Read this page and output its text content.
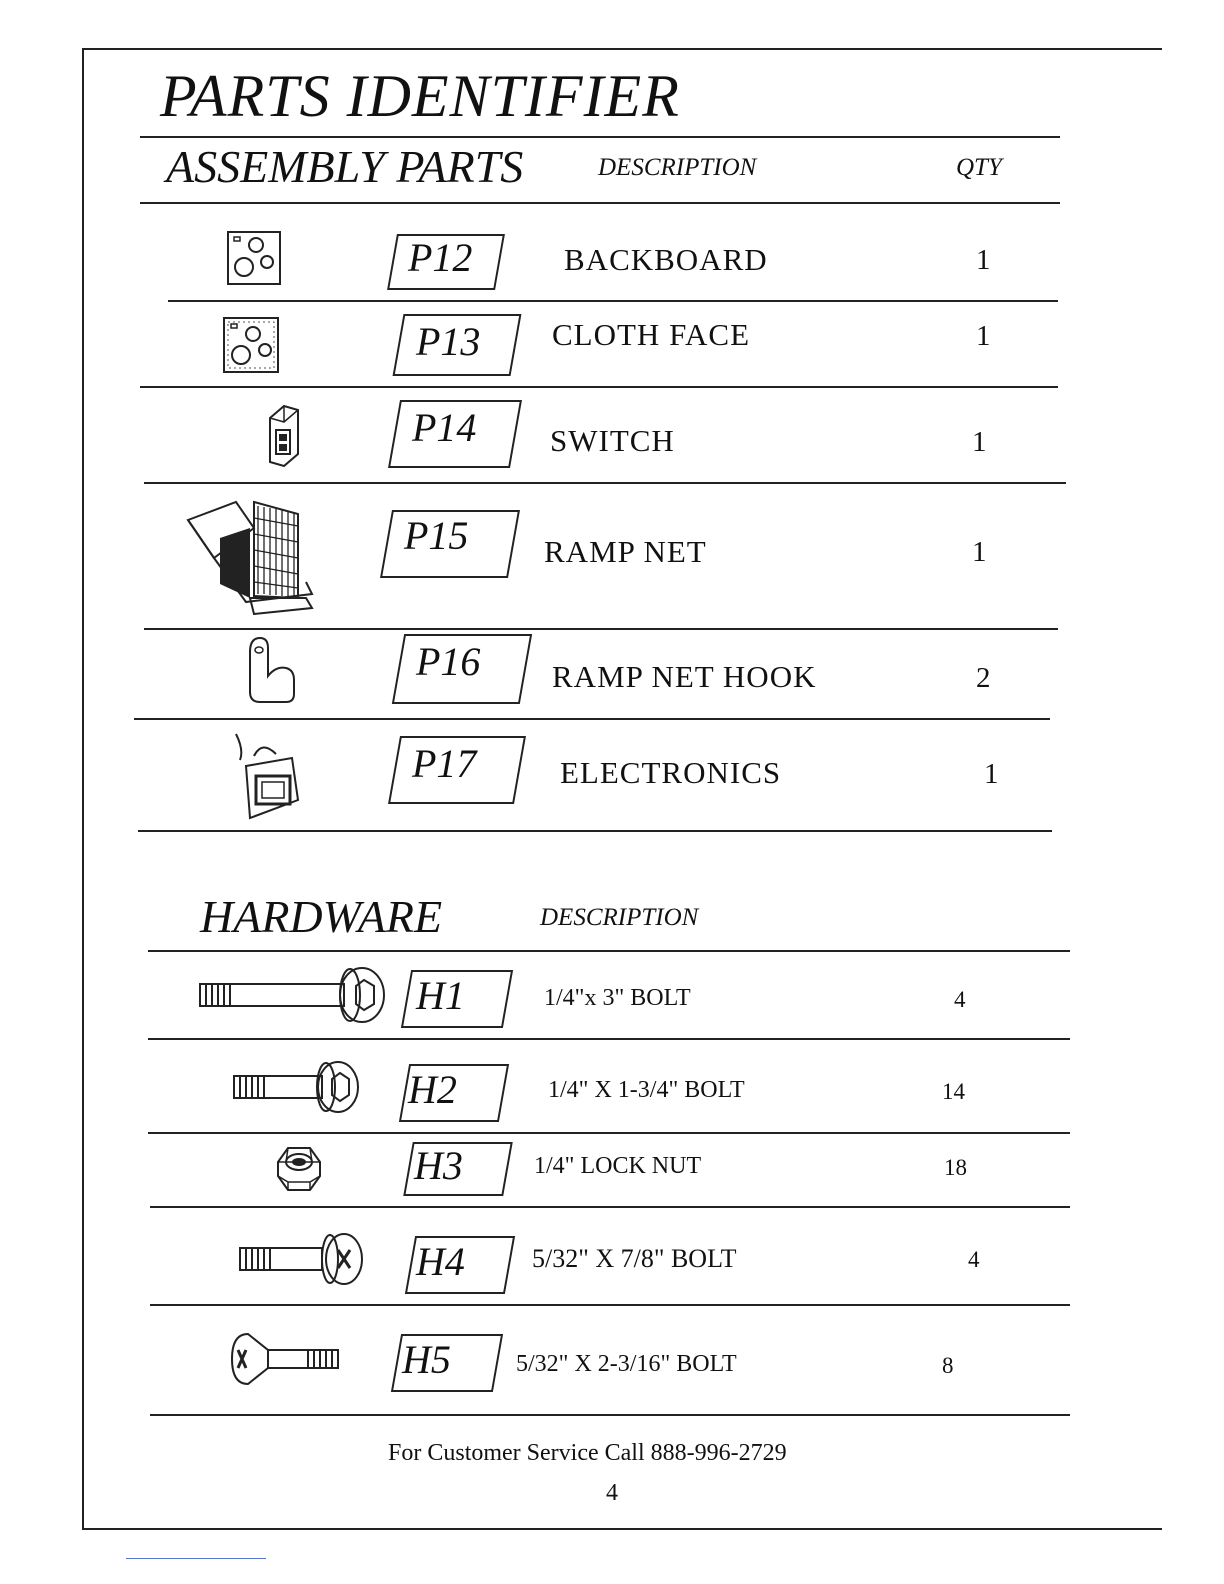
PARTS IDENTIFIER
ASSEMBLY PARTS	DESCRIPTION	QTY
P12	BACKBOARD	1
P13 CLOTH FACE	1
P14 SWITCH	1
P15 RAMP NET	1
P16 RAMP NET HOOK	2
P17	ELECTRONICS	1
HARDWARE	DESCRIPTION
H1	1/4"x 3" BOLT	4
H2	1/4" X 1-3/4" BOLT	14
H3	1/4" LOCK NUT	18
H4	5/32" X 7/8" BOLT	4
H5	5/32" X 2-3/16" BOLT	8
For Customer Service Call 888-996-2729
4
